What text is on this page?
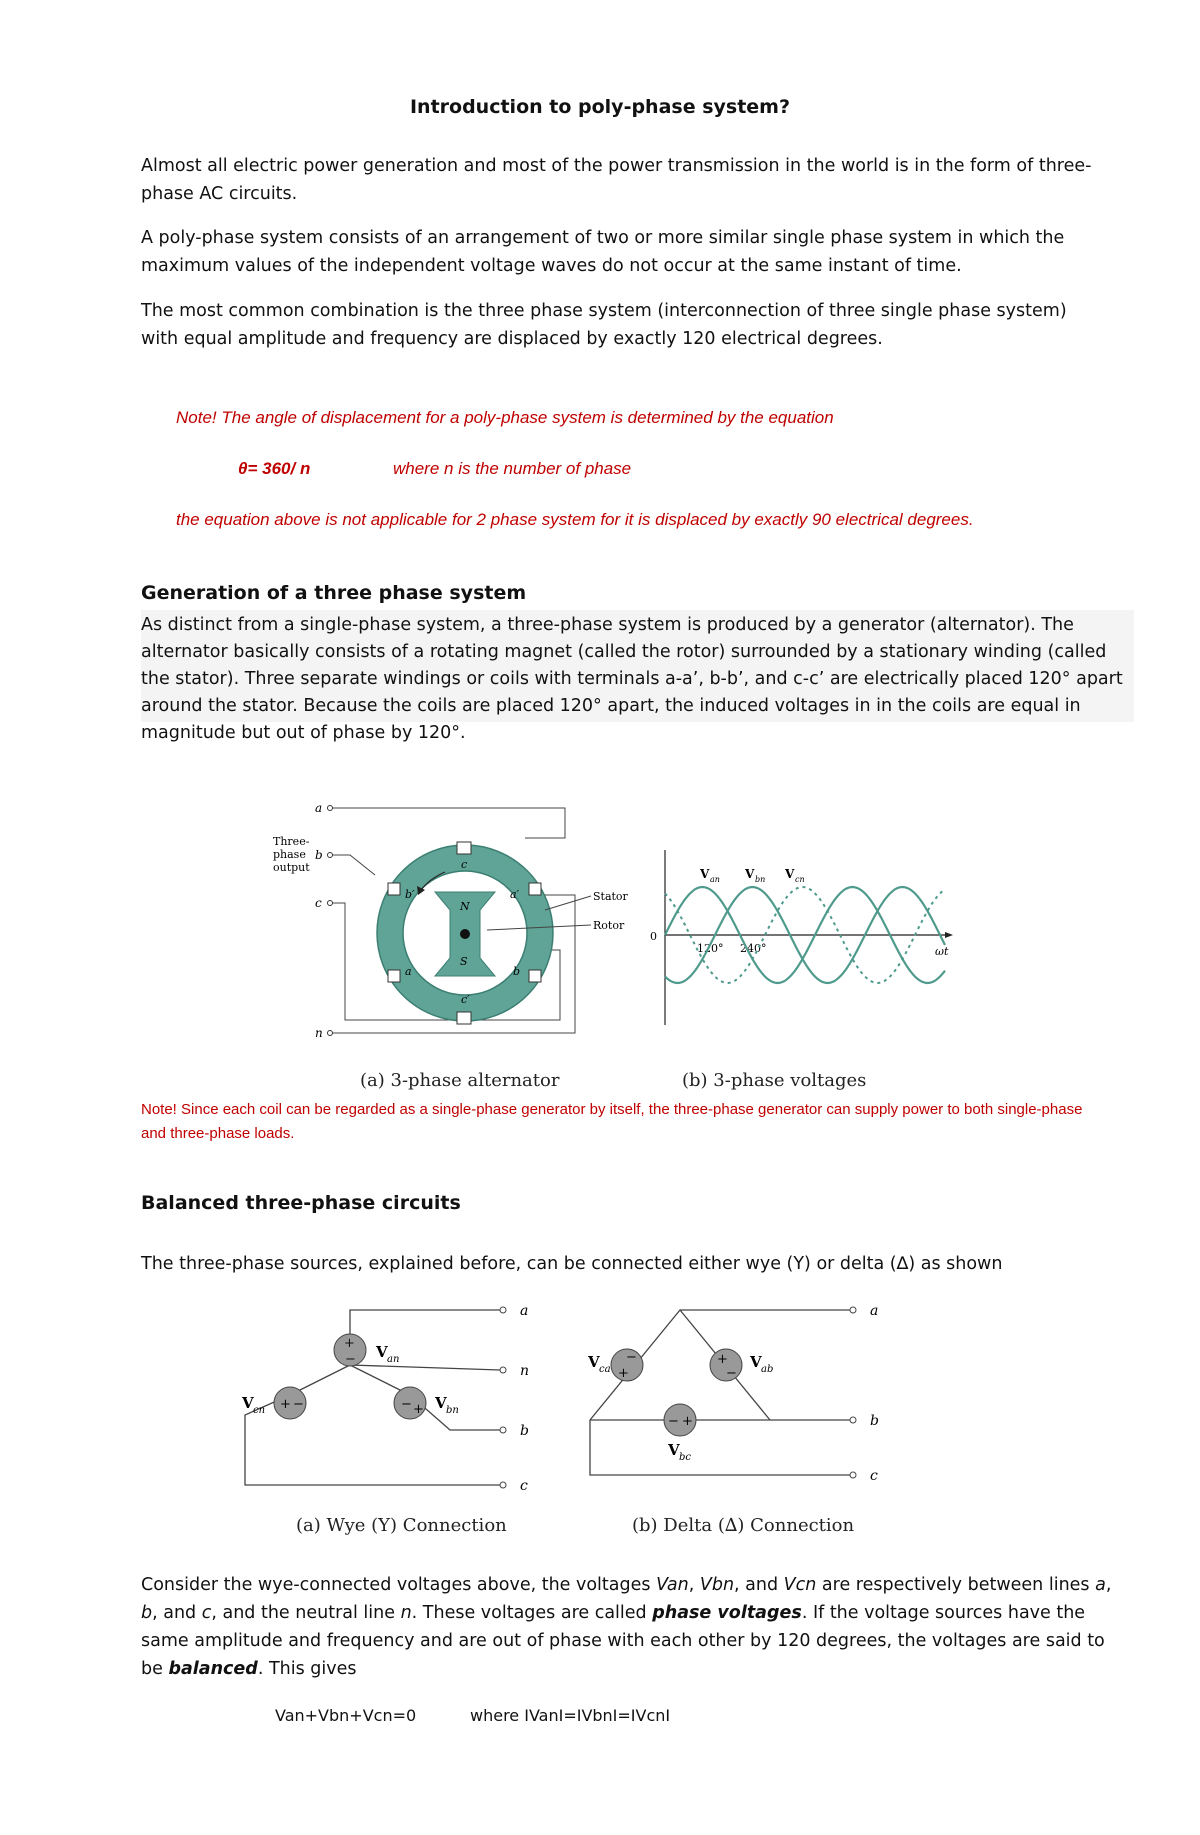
Introduction to poly-phase system?
Almost all electric power generation and most of the power transmission in the world is in the form of three-phase AC circuits.
A poly-phase system consists of an arrangement of two or more similar single phase system in which the maximum values of the independent voltage waves do not occur at the same instant of time.
The most common combination is the three phase system (interconnection of three single phase system) with equal amplitude and frequency are displaced by exactly 120 electrical degrees.
Note! The angle of displacement for a poly-phase system is determined by the equation
θ= 360/ n	where n is the number of phase
the equation above is not applicable for 2 phase system for it is displaced by exactly 90 electrical degrees.
Generation of a three phase system
As distinct from a single-phase system, a three-phase system is produced by a generator (alternator). The alternator basically consists of a rotating magnet (called the rotor) surrounded by a stationary winding (called the stator). Three separate windings or coils with terminals a-a’, b-b’, and c-c’ are electrically placed 120° apart around the stator. Because the coils are placed 120° apart, the induced voltages in in the coils are equal in magnitude but out of phase by 120°.
a
Three-
phase
output
b
c
n
N
S
c
b′	a′
a	b
c′
Stator
Rotor
0
120° 240°	ωt
V an V bn V cn
(a) 3-phase alternator	(b) 3-phase voltages
Note! Since each coil can be regarded as a single-phase generator by itself, the three-phase generator can supply power to both single-phase and three-phase loads.
Balanced three-phase circuits
The three-phase sources, explained before, can be connected either wye (Y) or delta (∆) as shown
a
n
b
c
+
− V an
+ −
V cn	− + V bn
a
b
c
+
−
V ca
+
−
V ab
− +
V bc
(a) Wye (Y) Connection	(b) Delta (∆) Connection
Consider the wye-connected voltages above, the voltages Van, Vbn, and Vcn are respectively between lines a, b, and c, and the neutral line n. These voltages are called phase voltages. If the voltage sources have the same amplitude and frequency and are out of phase with each other by 120 degrees, the voltages are said to be balanced. This gives
Van+Vbn+Vcn=0	where IVanI=IVbnI=IVcnI
